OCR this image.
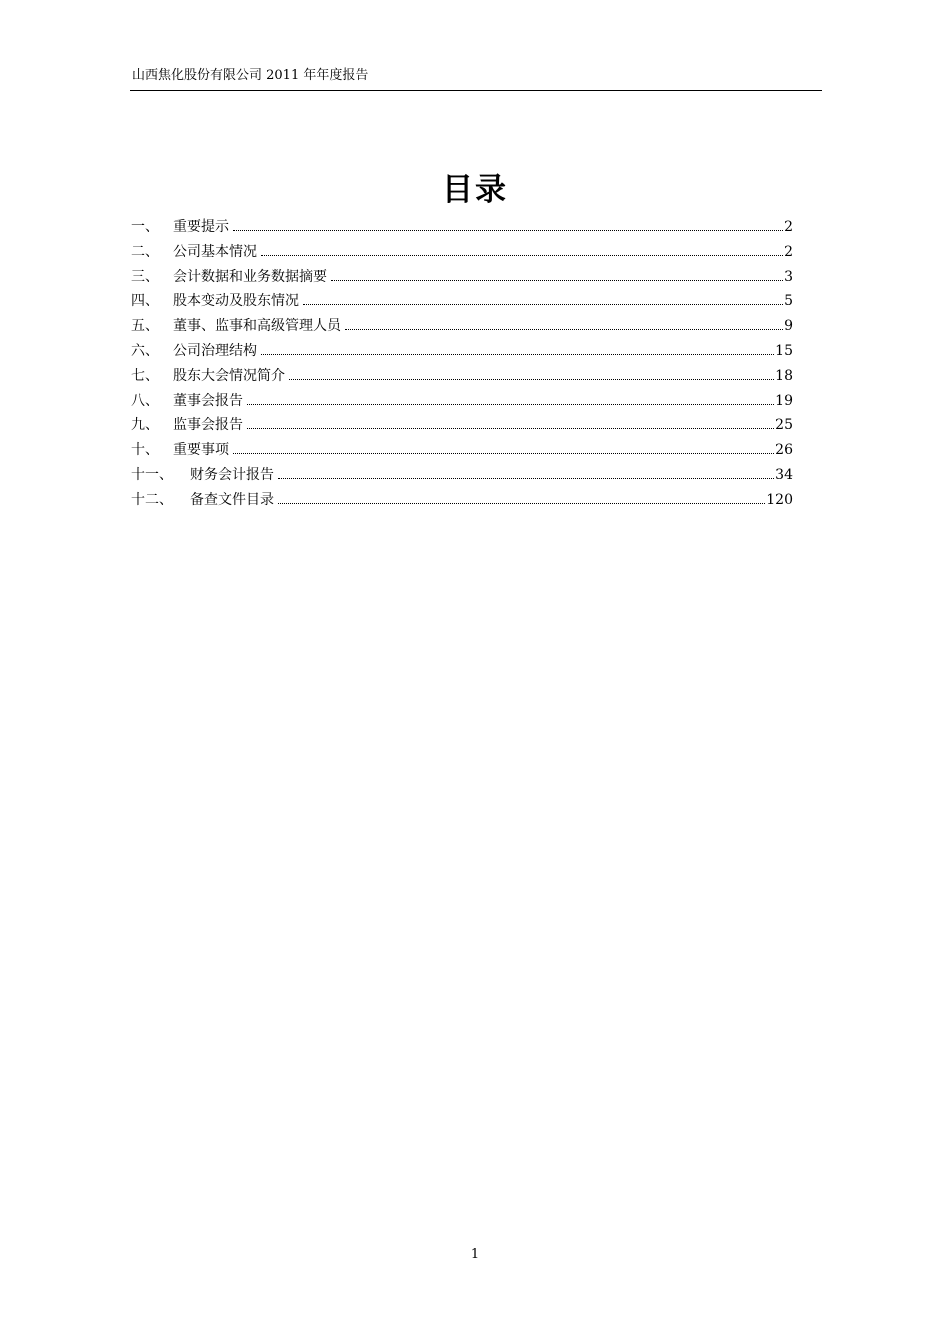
山西焦化股份有限公司 2011 年年度报告
目录
一、	重要提示	2
二、	公司基本情况	2
三、	会计数据和业务数据摘要	3
四、	股本变动及股东情况	5
五、	董事、监事和高级管理人员	9
六、	公司治理结构	15
七、	股东大会情况简介	18
八、	董事会报告	19
九、	监事会报告	25
十、	重要事项	26
十一、	财务会计报告	34
十二、	备查文件目录	120
1
